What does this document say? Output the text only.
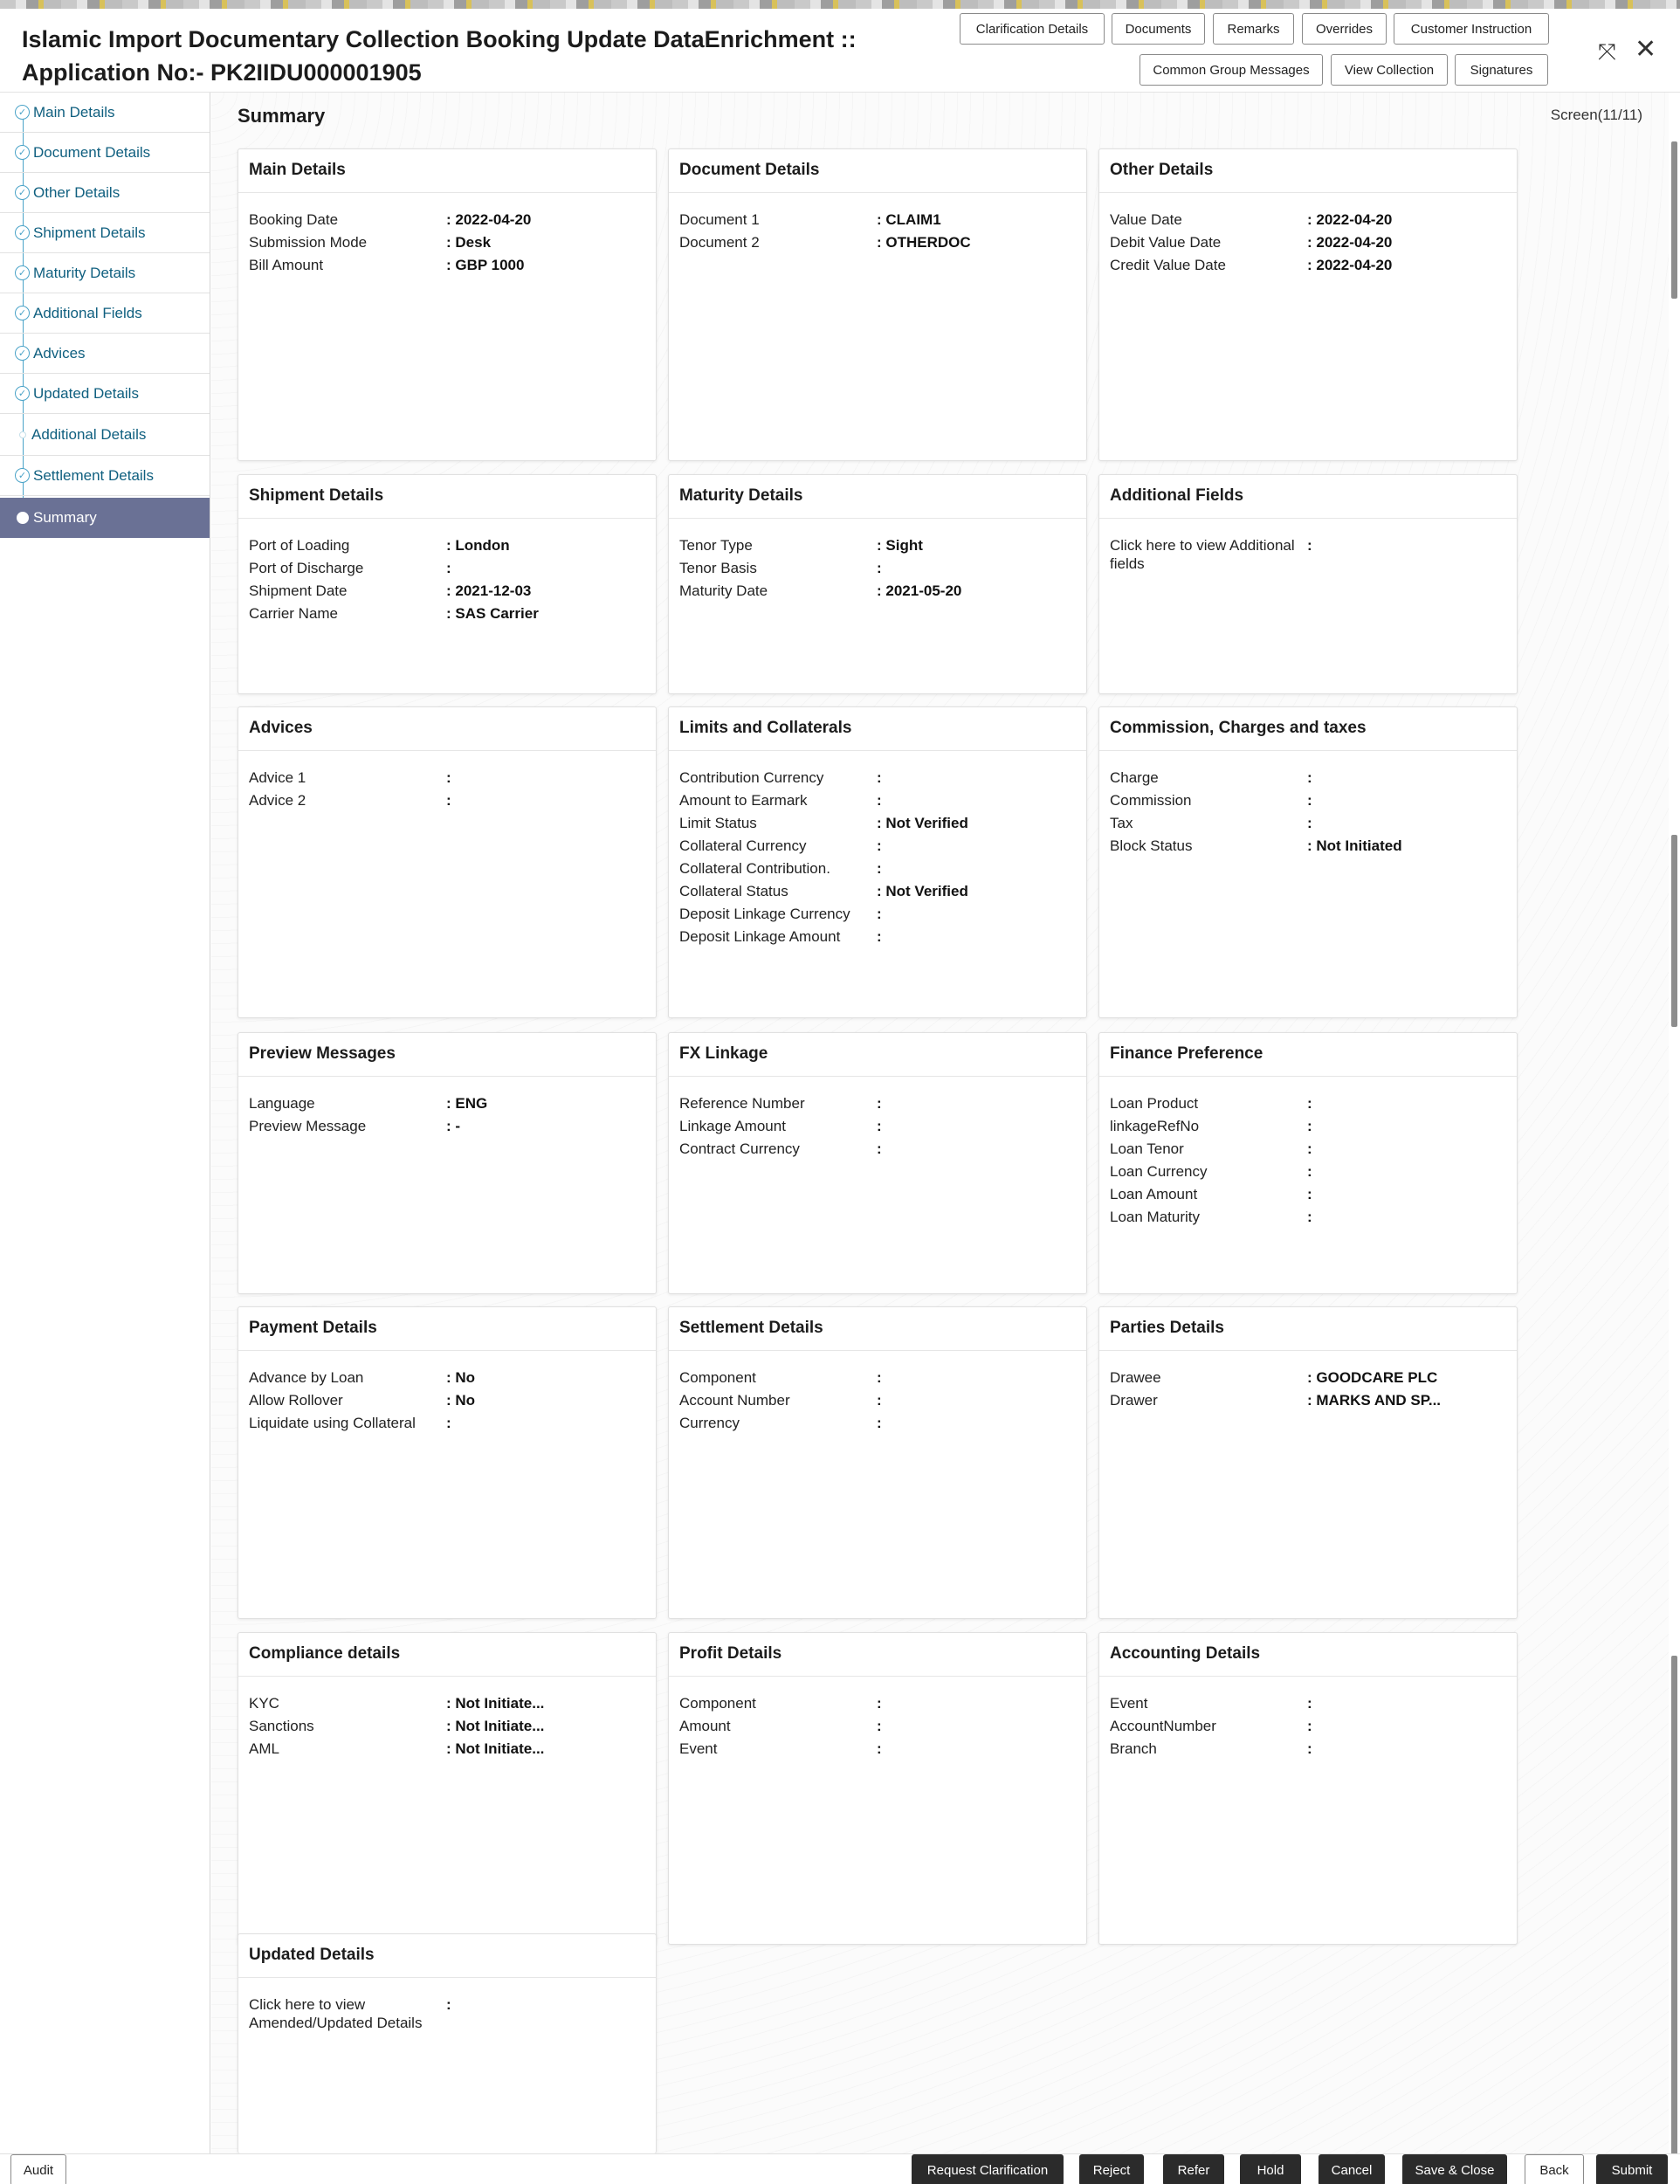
Islamic Import Documentary Collection Booking Update DataEnrichment :: Application No:- PK2IIDU000001905
Clarification Details	Documents	Remarks	Overrides	Customer Instruction
Common Group Messages	View Collection	Signatures
⤧ ✕
✓ Main Details
✓ Document Details
✓ Other Details
✓ Shipment Details
✓ Maturity Details
✓ Additional Fields
✓ Advices
✓ Updated Details
Additional Details
✓ Settlement Details
Summary
Summary	Screen(11/11)
Main Details
Booking Date	: 2022-04-20
Submission Mode	: Desk
Bill Amount	: GBP 1000
Document Details
Document 1	: CLAIM1
Document 2	: OTHERDOC
Other Details
Value Date	: 2022-04-20
Debit Value Date	: 2022-04-20
Credit Value Date	: 2022-04-20
Shipment Details
Port of Loading	: London
Port of Discharge	:
Shipment Date	: 2021-12-03
Carrier Name	: SAS Carrier
Maturity Details
Tenor Type	: Sight
Tenor Basis	:
Maturity Date	: 2021-05-20
Additional Fields
Click here to view Additional fields
:
Advices
Advice 1	:
Advice 2	:
Limits and Collaterals
Contribution Currency	:
Amount to Earmark	:
Limit Status	: Not Verified
Collateral Currency	:
Collateral Contribution.	:
Collateral Status	: Not Verified
Deposit Linkage Currency	:
Deposit Linkage Amount	:
Commission, Charges and taxes
Charge	:
Commission	:
Tax	:
Block Status	: Not Initiated
Preview Messages
Language	: ENG
Preview Message	: -
FX Linkage
Reference Number	:
Linkage Amount	:
Contract Currency	:
Finance Preference
Loan Product	:
linkageRefNo	:
Loan Tenor	:
Loan Currency	:
Loan Amount	:
Loan Maturity	:
Payment Details
Advance by Loan	: No
Allow Rollover	: No
Liquidate using Collateral	:
Settlement Details
Component	:
Account Number	:
Currency	:
Parties Details
Drawee	: GOODCARE PLC
Drawer	: MARKS AND SP...
Compliance details
KYC	: Not Initiate...
Sanctions	: Not Initiate...
AML	: Not Initiate...
Profit Details
Component	:
Amount	:
Event	:
Accounting Details
Event	:
AccountNumber	:
Branch	:
Updated Details
Click here to view Amended/Updated Details
:
Audit	Request Clarification	Reject	Refer	Hold	Cancel	Save & Close	Back	Submit
